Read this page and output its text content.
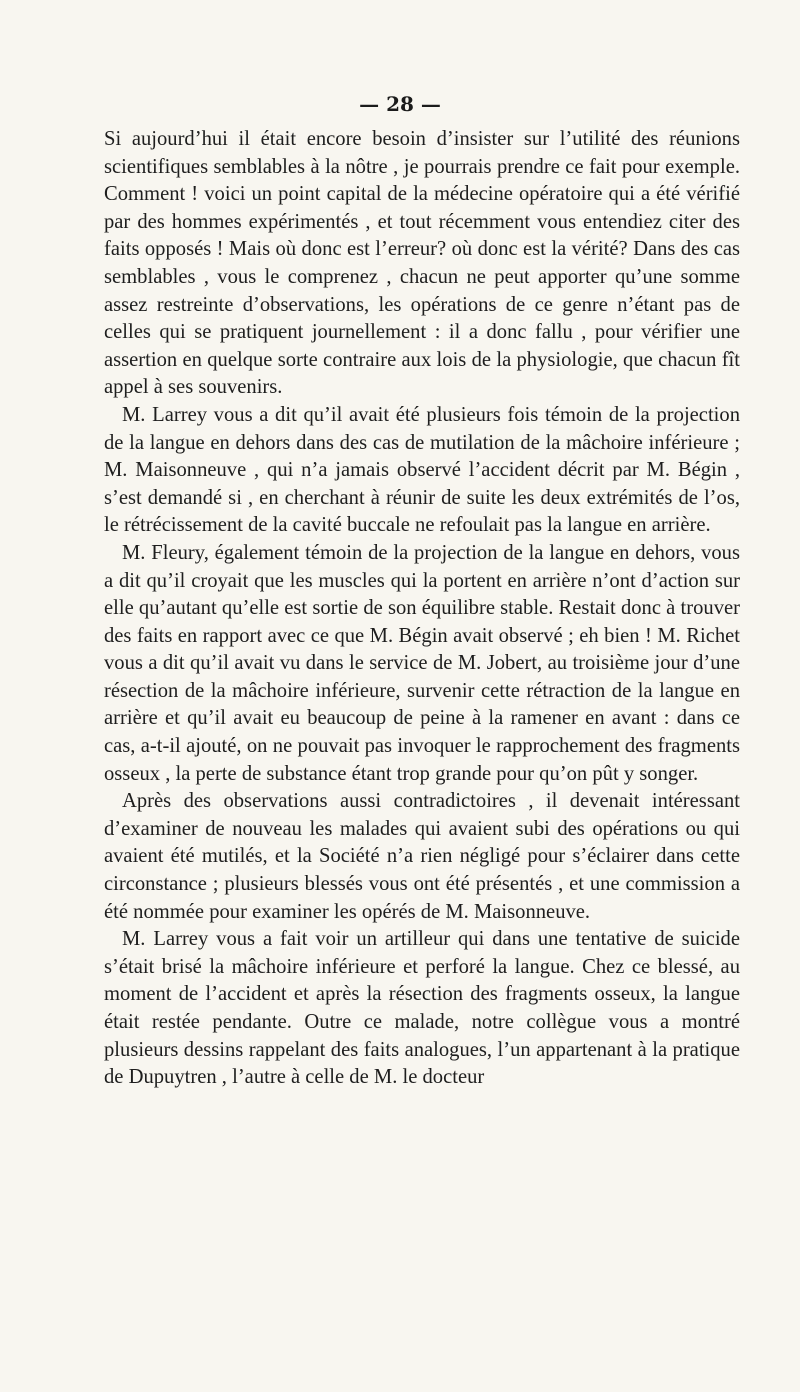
— 28 —

Si aujourd’hui il était encore besoin d’insister sur l’utilité des réunions scientifiques semblables à la nôtre , je pourrais prendre ce fait pour exemple. Comment ! voici un point capital de la médecine opératoire qui a été vérifié par des hommes expérimentés , et tout récemment vous entendiez citer des faits opposés ! Mais où donc est l’erreur? où donc est la vérité? Dans des cas semblables , vous le comprenez , chacun ne peut apporter qu’une somme assez restreinte d’observations, les opérations de ce genre n’étant pas de celles qui se pratiquent journellement : il a donc fallu , pour vérifier une assertion en quelque sorte contraire aux lois de la physiologie, que chacun fît appel à ses souvenirs.

M. Larrey vous a dit qu’il avait été plusieurs fois témoin de la projection de la langue en dehors dans des cas de mutilation de la mâchoire inférieure ; M. Maisonneuve , qui n’a jamais observé l’accident décrit par M. Bégin , s’est demandé si , en cherchant à réunir de suite les deux extrémités de l’os, le rétrécissement de la cavité buccale ne refoulait pas la langue en arrière.

M. Fleury, également témoin de la projection de la langue en dehors, vous a dit qu’il croyait que les muscles qui la portent en arrière n’ont d’action sur elle qu’autant qu’elle est sortie de son équilibre stable. Restait donc à trouver des faits en rapport avec ce que M. Bégin avait observé ; eh bien ! M. Richet vous a dit qu’il avait vu dans le service de M. Jobert, au troisième jour d’une résection de la mâchoire inférieure, survenir cette rétraction de la langue en arrière et qu’il avait eu beaucoup de peine à la ramener en avant : dans ce cas, a-t-il ajouté, on ne pouvait pas invoquer le rapprochement des fragments osseux , la perte de substance étant trop grande pour qu’on pût y songer.

Après des observations aussi contradictoires , il devenait intéressant d’examiner de nouveau les malades qui avaient subi des opérations ou qui avaient été mutilés, et la Société n’a rien négligé pour s’éclairer dans cette circonstance ; plusieurs blessés vous ont été présentés , et une commission a été nommée pour examiner les opérés de M. Maisonneuve.

M. Larrey vous a fait voir un artilleur qui dans une tentative de suicide s’était brisé la mâchoire inférieure et perforé la langue. Chez ce blessé, au moment de l’accident et après la résection des fragments osseux, la langue était restée pendante. Outre ce malade, notre collègue vous a montré plusieurs dessins rappelant des faits analogues, l’un appartenant à la pratique de Dupuytren , l’autre à celle de M. le docteur
